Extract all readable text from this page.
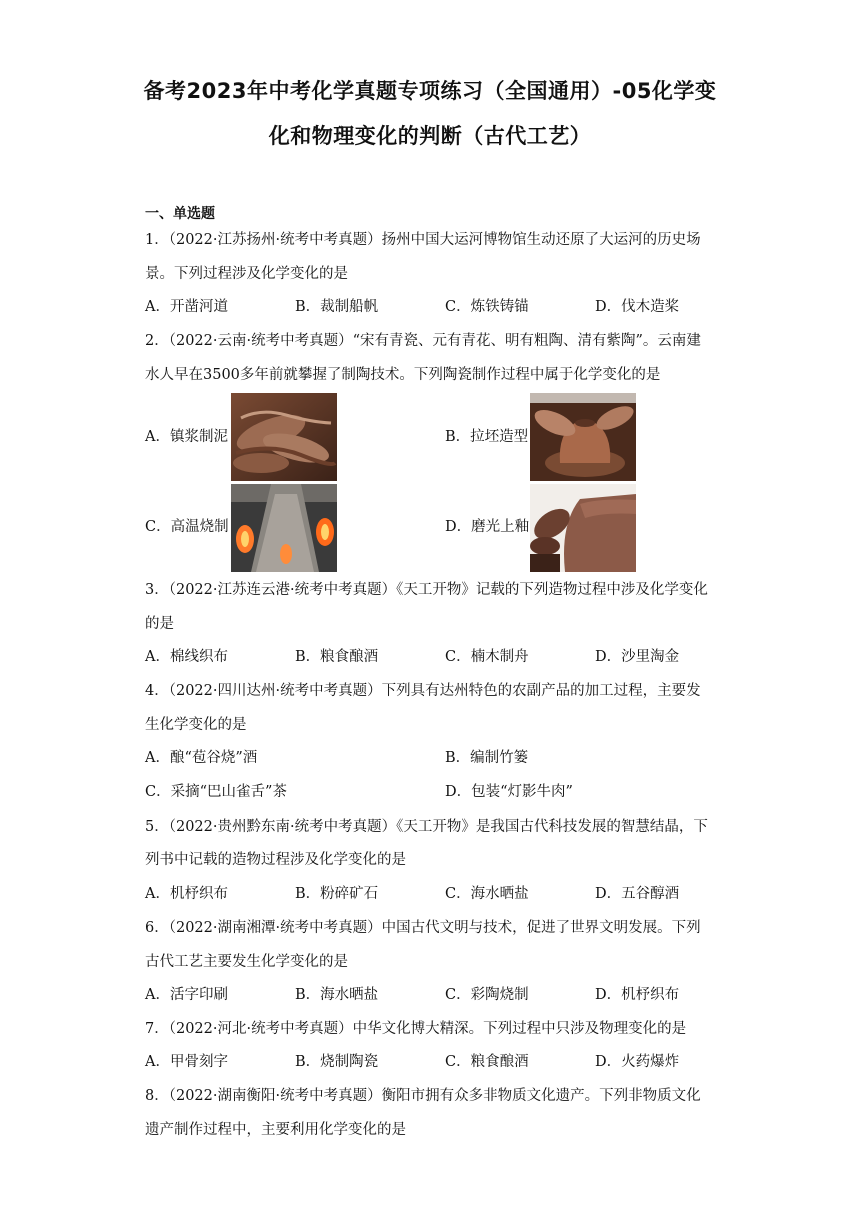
备考2023年中考化学真题专项练习（全国通用）-05化学变
化和物理变化的判断（古代工艺）
一、单选题
1．（2022·江苏扬州·统考中考真题）扬州中国大运河博物馆生动还原了大运河的历史场
景。下列过程涉及化学变化的是
A．开凿河道	B．裁制船帆	C．炼铁铸锚	D．伐木造桨
2．（2022·云南·统考中考真题）“宋有青瓷、元有青花、明有粗陶、清有紫陶”。云南建
水人早在3500多年前就攀握了制陶技术。下列陶瓷制作过程中属于化学变化的是
A．镇浆制泥	B．拉坯造型
C．高温烧制	D．磨光上釉
3．（2022·江苏连云港·统考中考真题）《天工开物》记载的下列造物过程中涉及化学变化
的是
A．棉线织布	B．粮食酿酒	C．楠木制舟	D．沙里淘金
4．（2022·四川达州·统考中考真题）下列具有达州特色的农副产品的加工过程，主要发
生化学变化的是
A．酿“苞谷烧”酒	B．编制竹篓
C．采摘“巴山雀舌”茶	D．包装“灯影牛肉”
5．（2022·贵州黔东南·统考中考真题）《天工开物》是我国古代科技发展的智慧结晶，下
列书中记载的造物过程涉及化学变化的是
A．机杼织布	B．粉碎矿石	C．海水晒盐	D．五谷醇酒
6．（2022·湖南湘潭·统考中考真题）中国古代文明与技术，促进了世界文明发展。下列
古代工艺主要发生化学变化的是
A．活字印刷	B．海水晒盐	C．彩陶烧制	D．机杼织布
7．（2022·河北·统考中考真题）中华文化博大精深。下列过程中只涉及物理变化的是
A．甲骨刻字	B．烧制陶瓷	C．粮食酿酒	D．火药爆炸
8．（2022·湖南衡阳·统考中考真题）衡阳市拥有众多非物质文化遗产。下列非物质文化
遗产制作过程中，主要利用化学变化的是
